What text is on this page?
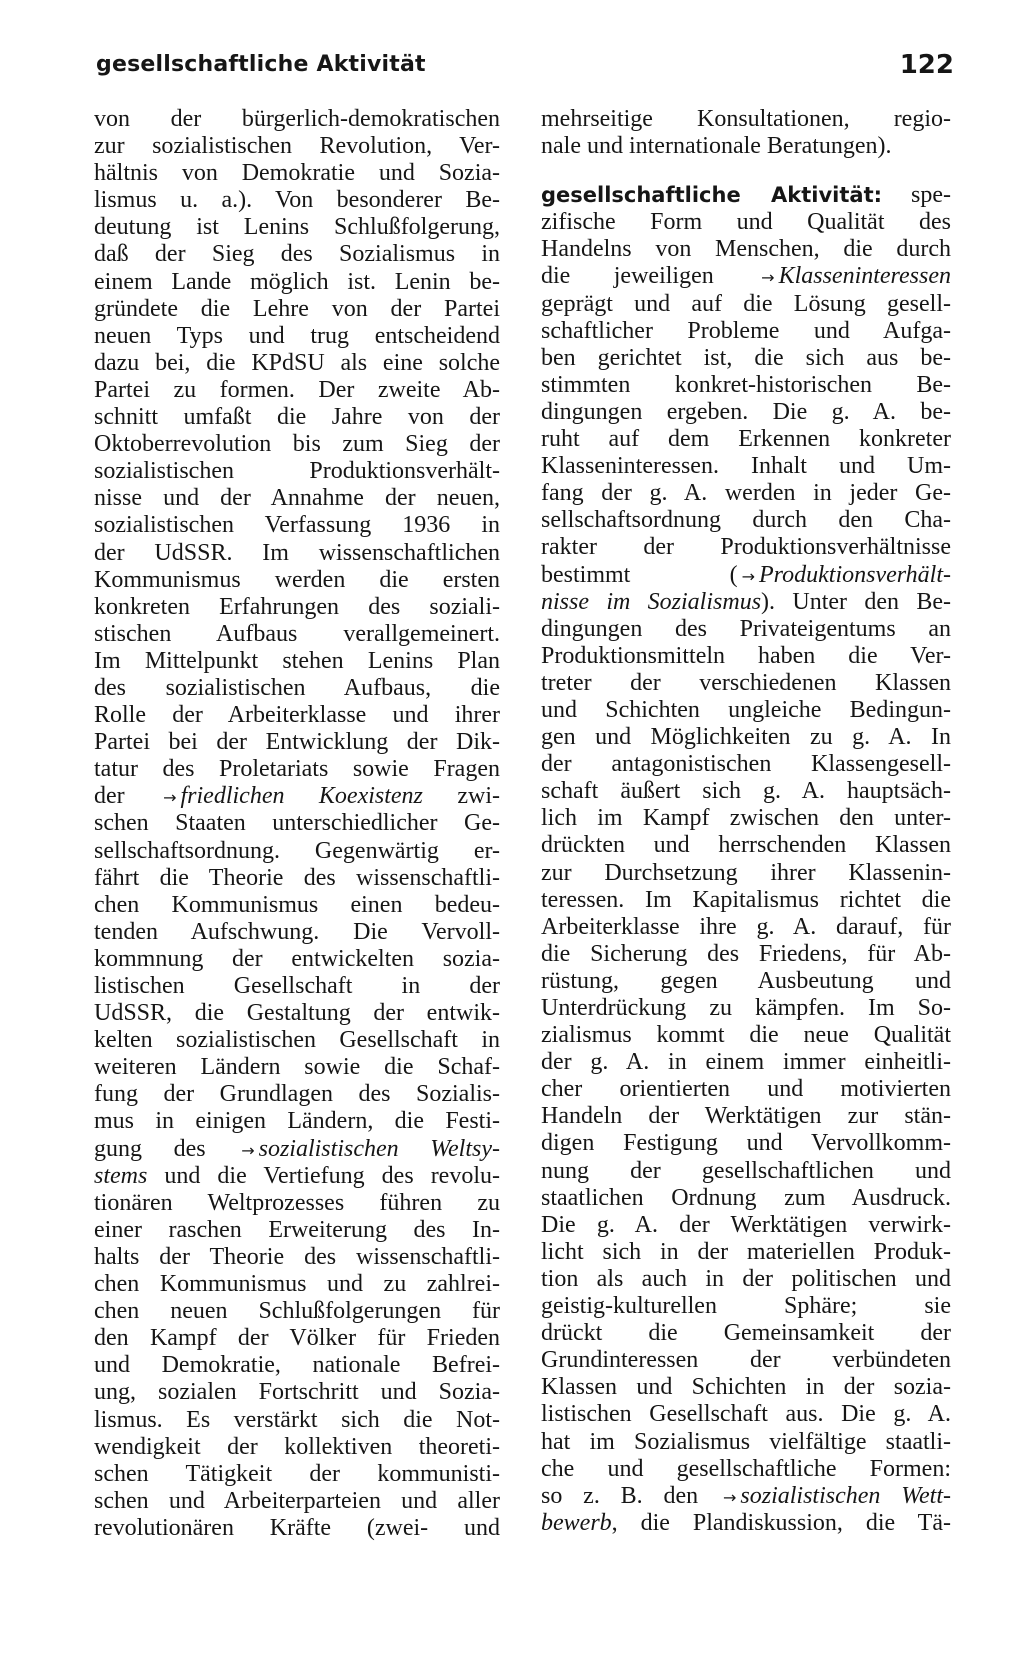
gesellschaftliche Aktivität	122
von der bürgerlich-demokratischen
zur sozialistischen Revolution, Ver-
hältnis von Demokratie und Sozia-
lismus u. a.). Von besonderer Be-
deutung ist Lenins Schlußfolgerung,
daß der Sieg des Sozialismus in
einem Lande möglich ist. Lenin be-
gründete die Lehre von der Partei
neuen Typs und trug entscheidend
dazu bei, die KPdSU als eine solche
Partei zu formen. Der zweite Ab-
schnitt umfaßt die Jahre von der
Oktoberrevolution bis zum Sieg der
sozialistischen Produktionsverhält-
nisse und der Annahme der neuen,
sozialistischen Verfassung 1936 in
der UdSSR. Im wissenschaftlichen
Kommunismus werden die ersten
konkreten Erfahrungen des soziali-
stischen Aufbaus verallgemeinert.
Im Mittelpunkt stehen Lenins Plan
des sozialistischen Aufbaus, die
Rolle der Arbeiterklasse und ihrer
Partei bei der Entwicklung der Dik-
tatur des Proletariats sowie Fragen
der → friedlichen Koexistenz zwi-
schen Staaten unterschiedlicher Ge-
sellschaftsordnung. Gegenwärtig er-
fährt die Theorie des wissenschaftli-
chen Kommunismus einen bedeu-
tenden Aufschwung. Die Vervoll-
kommnung der entwickelten sozia-
listischen Gesellschaft in der
UdSSR, die Gestaltung der entwik-
kelten sozialistischen Gesellschaft in
weiteren Ländern sowie die Schaf-
fung der Grundlagen des Sozialis-
mus in einigen Ländern, die Festi-
gung des → sozialistischen Weltsy-
stems und die Vertiefung des revolu-
tionären Weltprozesses führen zu
einer raschen Erweiterung des In-
halts der Theorie des wissenschaftli-
chen Kommunismus und zu zahlrei-
chen neuen Schlußfolgerungen für
den Kampf der Völker für Frieden
und Demokratie, nationale Befrei-
ung, sozialen Fortschritt und Sozia-
lismus. Es verstärkt sich die Not-
wendigkeit der kollektiven theoreti-
schen Tätigkeit der kommunisti-
schen und Arbeiterparteien und aller
revolutionären Kräfte (zwei- und
mehrseitige Konsultationen, regio-
nale und internationale Beratungen).
gesellschaftliche Aktivität: spe-
zifische Form und Qualität des
Handelns von Menschen, die durch
die jeweiligen → Klasseninteressen
geprägt und auf die Lösung gesell-
schaftlicher Probleme und Aufga-
ben gerichtet ist, die sich aus be-
stimmten konkret-historischen Be-
dingungen ergeben. Die g. A. be-
ruht auf dem Erkennen konkreter
Klasseninteressen. Inhalt und Um-
fang der g. A. werden in jeder Ge-
sellschaftsordnung durch den Cha-
rakter der Produktionsverhältnisse
bestimmt ( → Produktionsverhält-
nisse im Sozialismus). Unter den Be-
dingungen des Privateigentums an
Produktionsmitteln haben die Ver-
treter der verschiedenen Klassen
und Schichten ungleiche Bedingun-
gen und Möglichkeiten zu g. A. In
der antagonistischen Klassengesell-
schaft äußert sich g. A. hauptsäch-
lich im Kampf zwischen den unter-
drückten und herrschenden Klassen
zur Durchsetzung ihrer Klassenin-
teressen. Im Kapitalismus richtet die
Arbeiterklasse ihre g. A. darauf, für
die Sicherung des Friedens, für Ab-
rüstung, gegen Ausbeutung und
Unterdrückung zu kämpfen. Im So-
zialismus kommt die neue Qualität
der g. A. in einem immer einheitli-
cher orientierten und motivierten
Handeln der Werktätigen zur stän-
digen Festigung und Vervollkomm-
nung der gesellschaftlichen und
staatlichen Ordnung zum Ausdruck.
Die g. A. der Werktätigen verwirk-
licht sich in der materiellen Produk-
tion als auch in der politischen und
geistig-kulturellen Sphäre; sie
drückt die Gemeinsamkeit der
Grundinteressen der verbündeten
Klassen und Schichten in der sozia-
listischen Gesellschaft aus. Die g. A.
hat im Sozialismus vielfältige staatli-
che und gesellschaftliche Formen:
so z. B. den → sozialistischen Wett-
bewerb, die Plandiskussion, die Tä-
